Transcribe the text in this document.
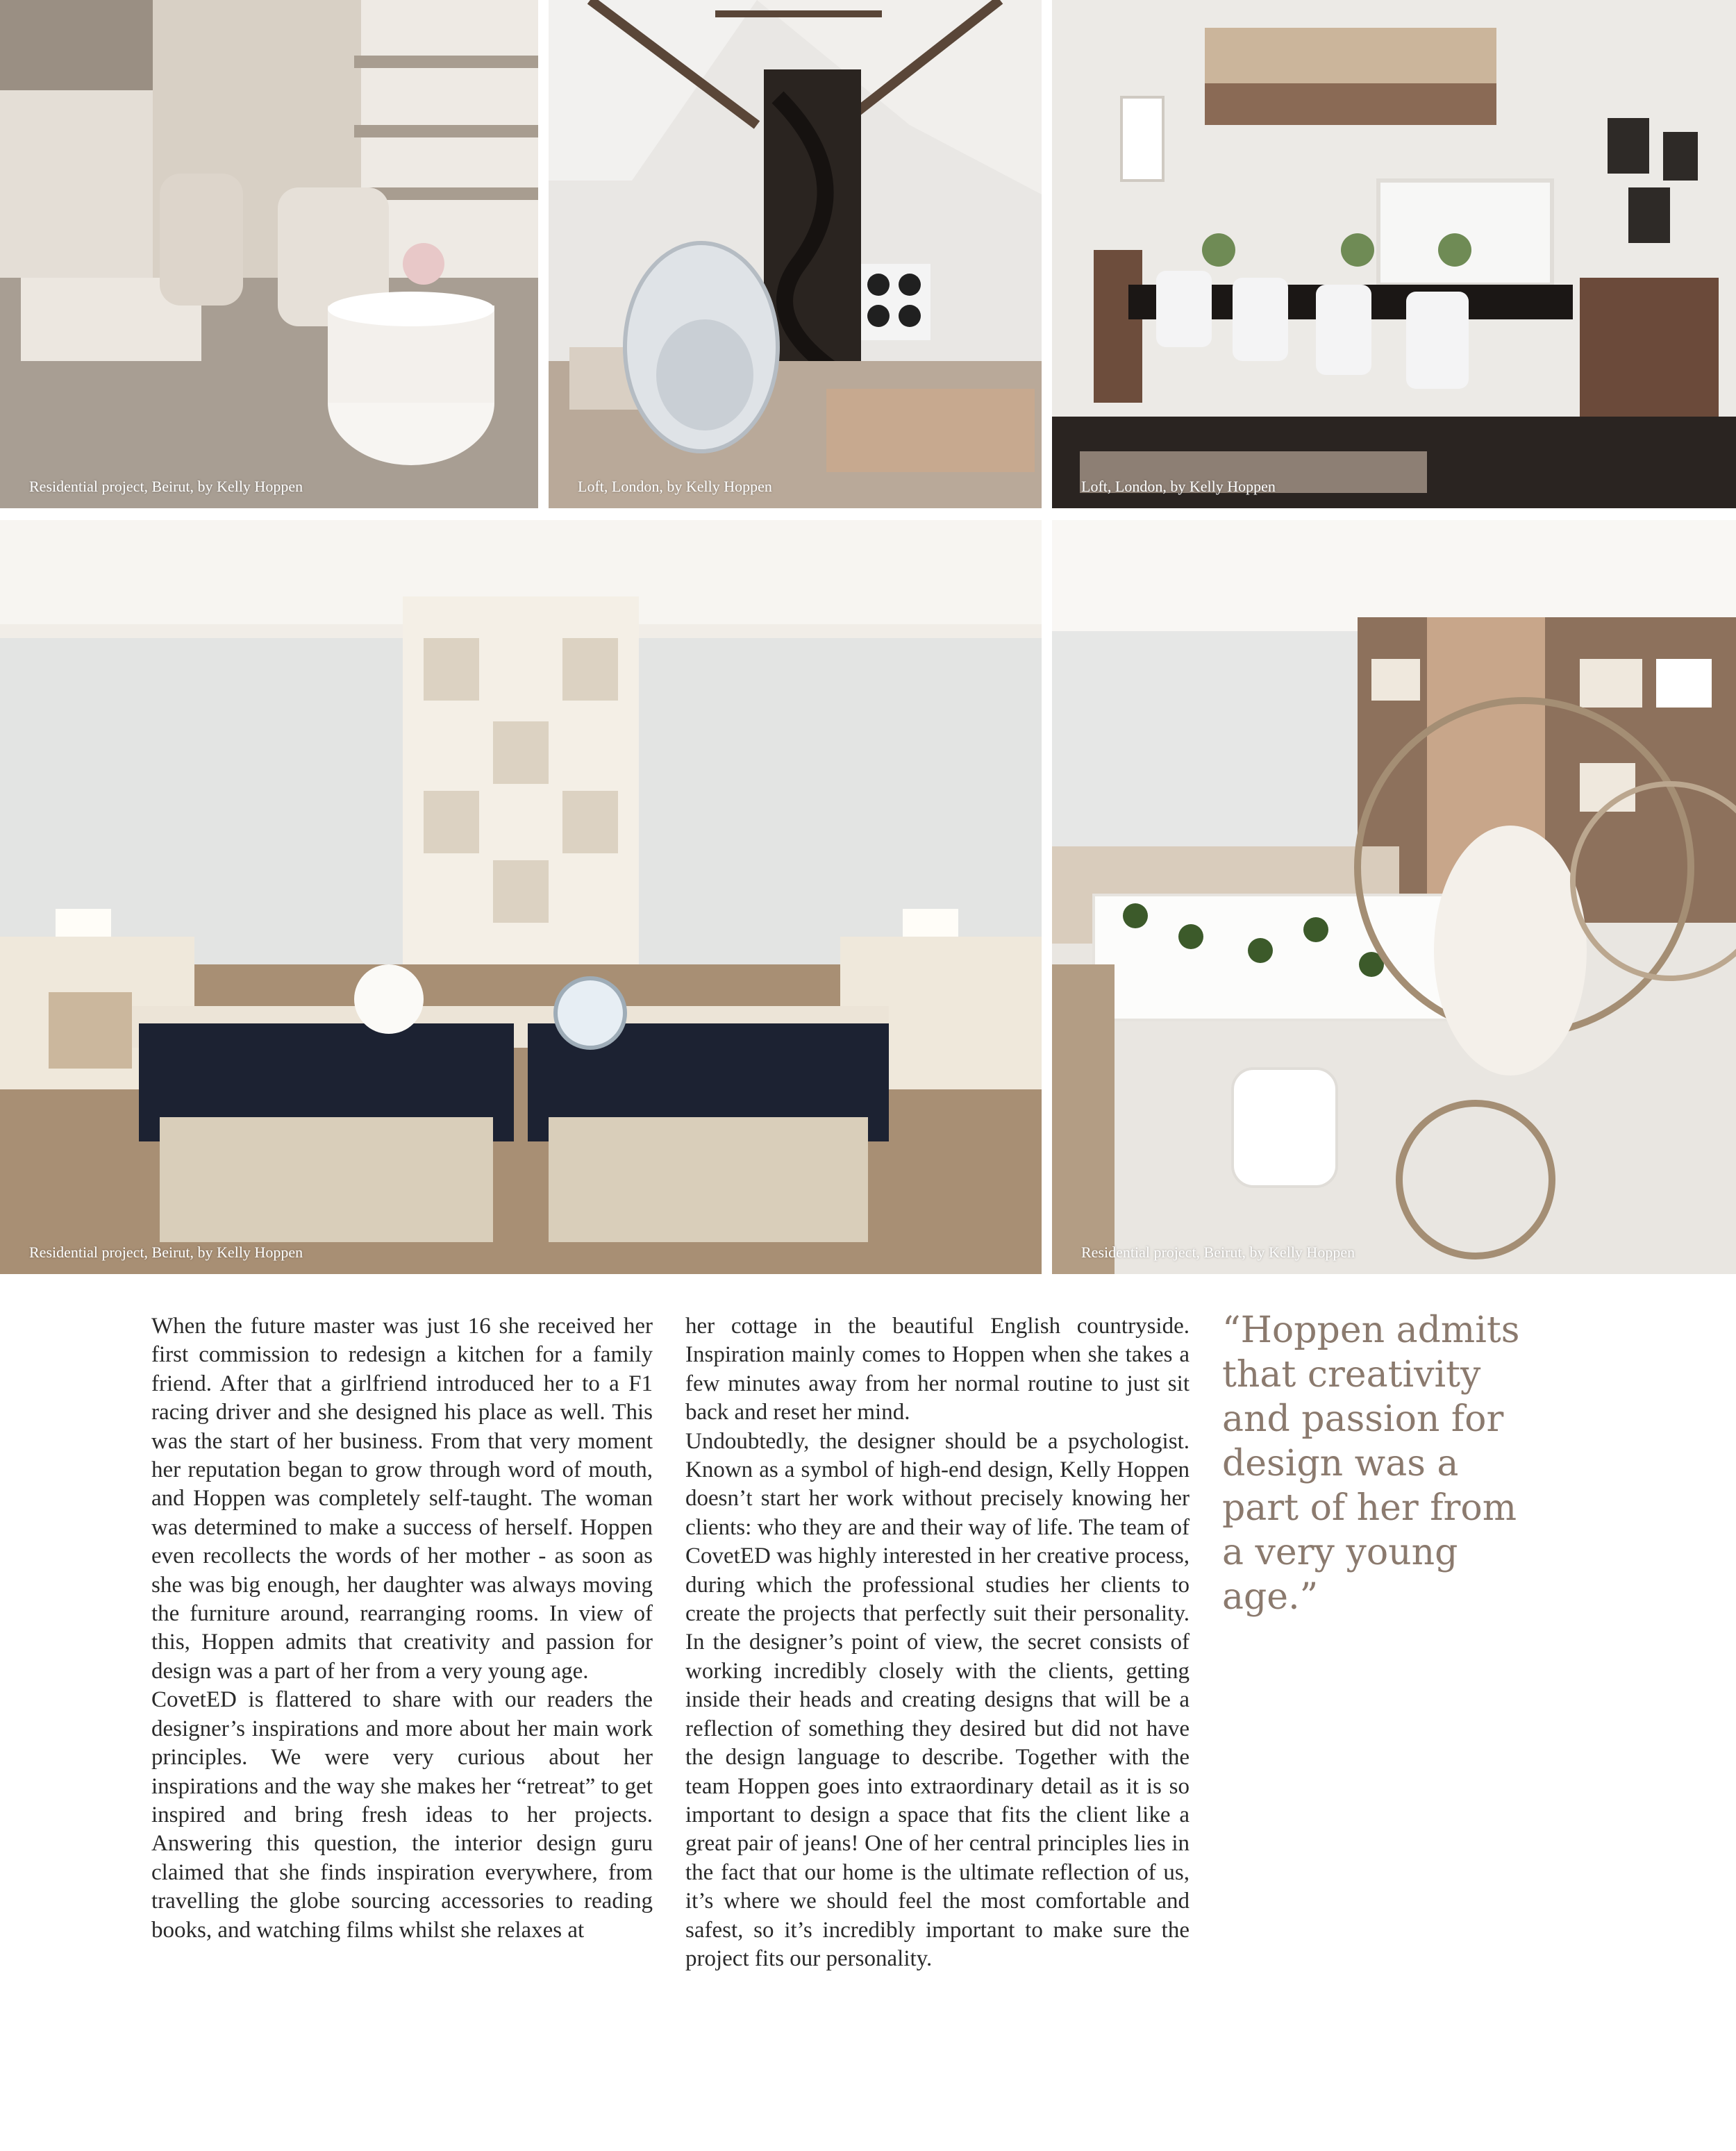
Residential project, Beirut, by Kelly Hoppen	Loft, London, by Kelly Hoppen	Loft, London, by Kelly Hoppen
Residential project, Beirut, by Kelly Hoppen	Residential project, Beirut, by Kelly Hoppen

When the future master was just 16 she received her first commission to redesign a kitchen for a family friend. After that a girlfriend introduced her to a F1 racing driver and she designed his place as well. This was the start of her business. From that very moment her reputation began to grow through word of mouth, and Hoppen was completely self-taught. The woman was determined to make a success of herself. Hoppen even recollects the words of her mother - as soon as she was big enough, her daughter was always moving the furniture around, rearranging rooms. In view of this, Hoppen admits that creativity and passion for design was a part of her from a very young age.

CovetED is flattered to share with our readers the designer’s inspirations and more about her main work principles. We were very curious about her inspirations and the way she makes her “retreat” to get inspired and bring fresh ideas to her projects. Answering this question, the interior design guru claimed that she finds inspiration everywhere, from travelling the globe sourcing accessories to reading books, and watching films whilst she relaxes at

her cottage in the beautiful English countryside. Inspiration mainly comes to Hoppen when she takes a few minutes away from her normal routine to just sit back and reset her mind.

Undoubtedly, the designer should be a psychologist. Known as a symbol of high-end design, Kelly Hoppen doesn’t start her work without precisely knowing her clients: who they are and their way of life. The team of CovetED was highly interested in her creative process, during which the professional studies her clients to create the projects that perfectly suit their personality. In the designer’s point of view, the secret consists of working incredibly closely with the clients, getting inside their heads and creating designs that will be a reflection of something they desired but did not have the design language to describe. Together with the team Hoppen goes into extraordinary detail as it is so important to design a space that fits the client like a great pair of jeans! One of her central principles lies in the fact that our home is the ultimate reflection of us, it’s where we should feel the most comfortable and safest, so it’s incredibly important to make sure the project fits our personality.

“Hoppen admits that creativity and passion for design was a part of her from a very young age.”
